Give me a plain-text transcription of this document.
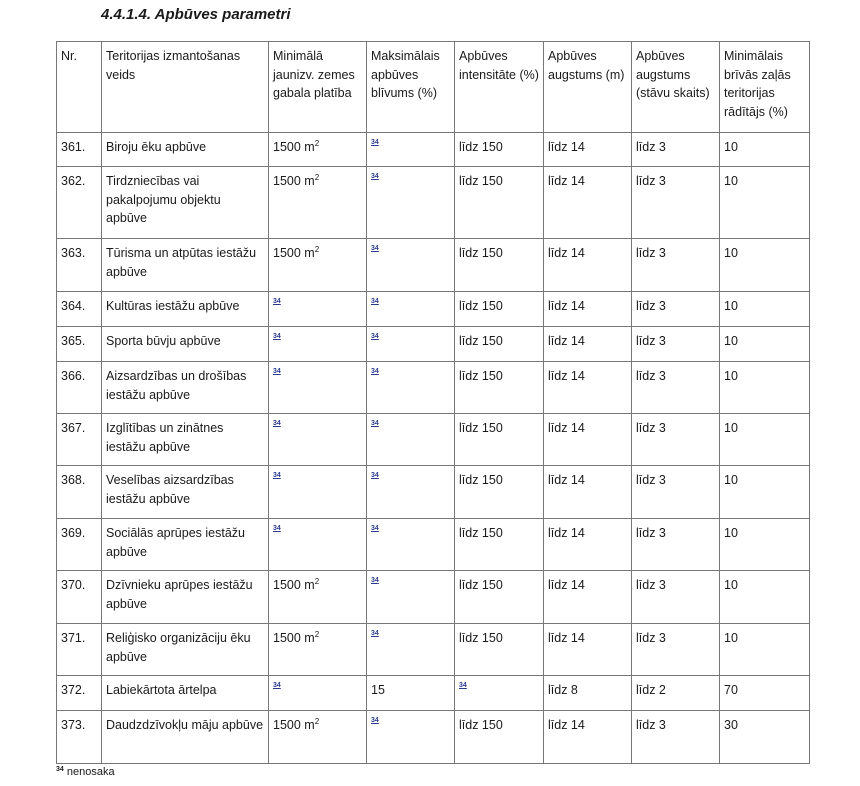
4.4.1.4. Apbūves parametri
Nr.	Teritorijas izmantošanas veids	Minimālā jaunizv. zemes gabala platība	Maksimālais apbūves blīvums (%)	Apbūves intensitāte (%)	Apbūves augstums (m)	Apbūves augstums (stāvu skaits)	Minimālais brīvās zaļās teritorijas rādītājs (%)
361.	Biroju ēku apbūve	1500 $m^2$	34	līdz 150	līdz 14	līdz 3	10
362.	Tirdzniecības vai pakalpojumu objektu apbūve	1500 $m^2$	34	līdz 150	līdz 14	līdz 3	10
363.	Tūrisma un atpūtas iestāžu apbūve	1500 $m^2$	34	līdz 150	līdz 14	līdz 3	10
364.	Kultūras iestāžu apbūve	34	34	līdz 150	līdz 14	līdz 3	10
365.	Sporta būvju apbūve	34	34	līdz 150	līdz 14	līdz 3	10
366.	Aizsardzības un drošības iestāžu apbūve	34	34	līdz 150	līdz 14	līdz 3	10
367.	Izglītības un zinātnes iestāžu apbūve	34	34	līdz 150	līdz 14	līdz 3	10
368.	Veselības aizsardzības iestāžu apbūve	34	34	līdz 150	līdz 14	līdz 3	10
369.	Sociālās aprūpes iestāžu apbūve	34	34	līdz 150	līdz 14	līdz 3	10
370.	Dzīvnieku aprūpes iestāžu apbūve	1500 $m^2$	34	līdz 150	līdz 14	līdz 3	10
371.	Reliģisko organizāciju ēku apbūve	1500 $m^2$	34	līdz 150	līdz 14	līdz 3	10
372.	Labiekārtota ārtelpa	34	15	34	līdz 8	līdz 2	70
373.	Daudzdzīvokļu māju apbūve	1500 $m^2$	34	līdz 150	līdz 14	līdz 3	30

$^{34}$ nenosaka
